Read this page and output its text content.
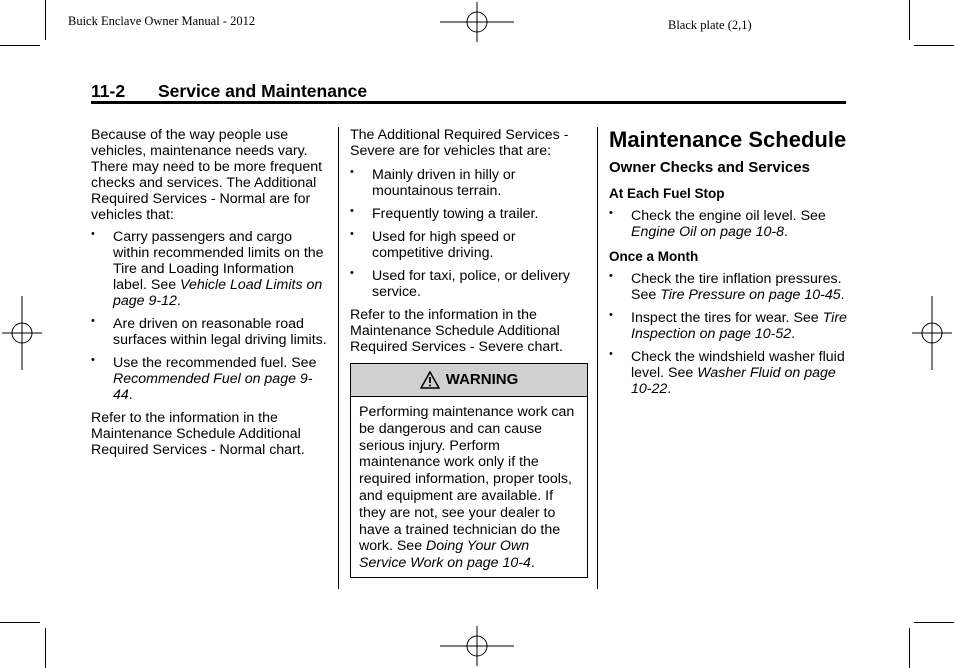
Buick Enclave Owner Manual - 2012	Black plate (2,1)
11-2 Service and Maintenance

Because of the way people use vehicles, maintenance needs vary. There may need to be more frequent checks and services. The Additional Required Services - Normal are for vehicles that:

• Carry passengers and cargo within recommended limits on the Tire and Loading Information label. See Vehicle Load Limits on page 9-12.
• Are driven on reasonable road surfaces within legal driving limits.
• Use the recommended fuel. See Recommended Fuel on page 9-44.

Refer to the information in the Maintenance Schedule Additional Required Services - Normal chart.

The Additional Required Services - Severe are for vehicles that are:

• Mainly driven in hilly or mountainous terrain.
• Frequently towing a trailer.
• Used for high speed or competitive driving.
• Used for taxi, police, or delivery service.

Refer to the information in the Maintenance Schedule Additional Required Services - Severe chart.

WARNING
Performing maintenance work can be dangerous and can cause serious injury. Perform maintenance work only if the required information, proper tools, and equipment are available. If they are not, see your dealer to have a trained technician do the work. See Doing Your Own Service Work on page 10-4.
Maintenance Schedule
Owner Checks and Services
At Each Fuel Stop
• Check the engine oil level. See Engine Oil on page 10-8.
Once a Month
• Check the tire inflation pressures. See Tire Pressure on page 10-45.
• Inspect the tires for wear. See Tire Inspection on page 10-52.
• Check the windshield washer fluid level. See Washer Fluid on page 10-22.
